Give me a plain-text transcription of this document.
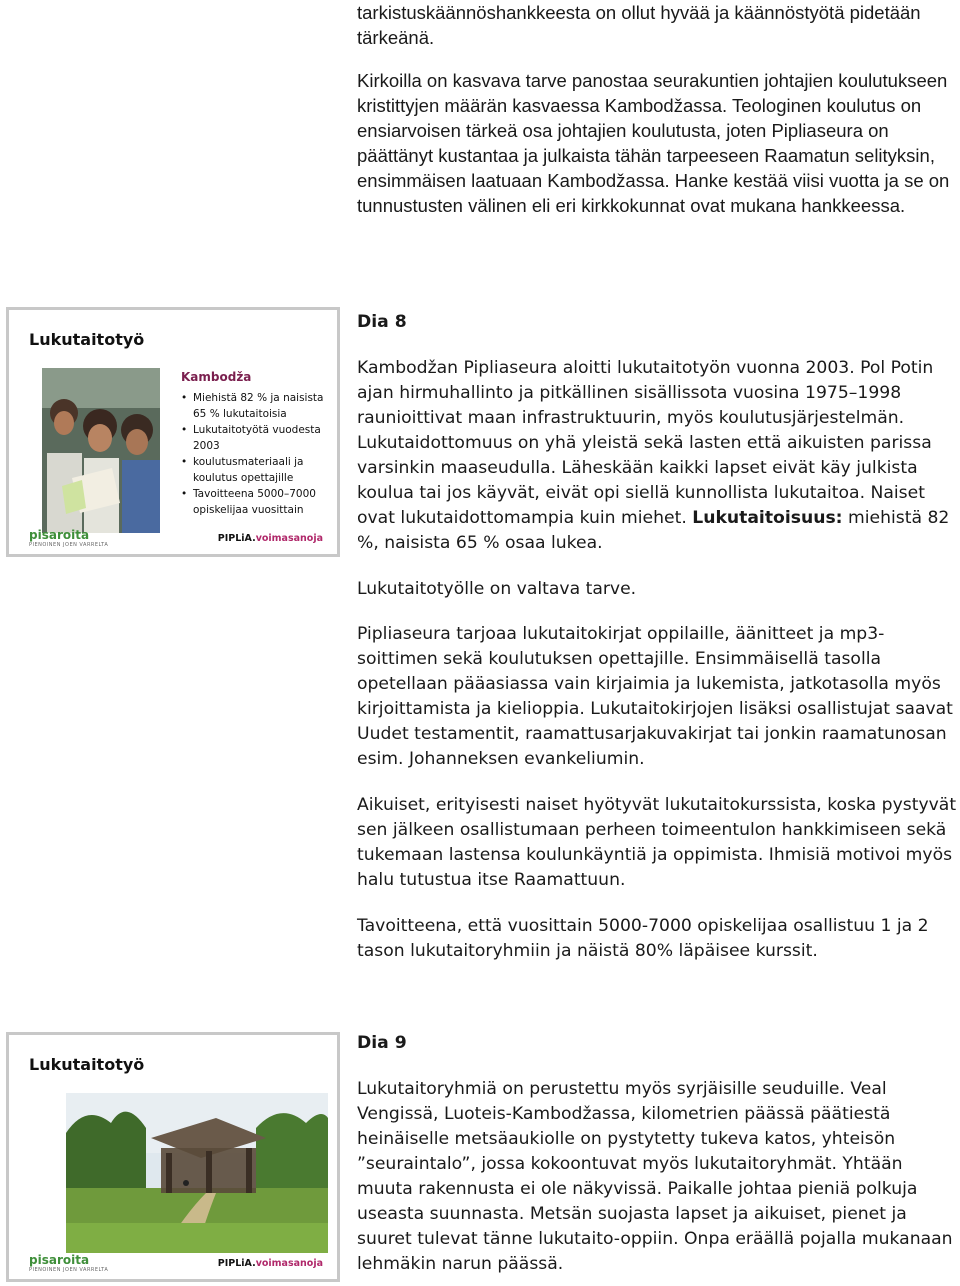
tarkistuskäännöshankkeesta on ollut hyvää ja käännöstyötä pidetään tärkeänä.

Kirkoilla on kasvava tarve panostaa seurakuntien johtajien koulutukseen kristittyjen määrän kasvaessa Kambodžassa. Teologinen koulutus on ensiarvoisen tärkeä osa johtajien koulutusta, joten Pipliaseura on päättänyt kustantaa ja julkaista tähän tarpeeseen Raamatun selityksin, ensimmäisen laatuaan Kambodžassa. Hanke kestää viisi vuotta ja se on tunnustusten välinen eli eri kirkkokunnat ovat mukana hankkeessa.

Lukutaitotyö
Kambodža
• Miehistä 82 % ja naisista 65 % lukutaitoisia
• Lukutaitotyötä vuodesta 2003
• koulutusmateriaali ja koulutus opettajille
• Tavoitteena 5000–7000 opiskelijaa vuosittain
pisaroita
PIENOINEN JOEN VARRELTA
PIPLiA.voimasanoja

Dia 8

Kambodžan Pipliaseura aloitti lukutaitotyön vuonna 2003. Pol Potin ajan hirmuhallinto ja pitkällinen sisällissota vuosina 1975–1998 raunioittivat maan infrastruktuurin, myös koulutusjärjestelmän. Lukutaidottomuus on yhä yleistä sekä lasten että aikuisten parissa varsinkin maaseudulla. Läheskään kaikki lapset eivät käy julkista koulua tai jos käyvät, eivät opi siellä kunnollista lukutaitoa. Naiset ovat lukutaidottomampia kuin miehet. Lukutaitoisuus: miehistä 82 %, naisista 65 % osaa lukea.

Lukutaitotyölle on valtava tarve.

Pipliaseura tarjoaa lukutaitokirjat oppilaille, äänitteet ja mp3-soittimen sekä koulutuksen opettajille. Ensimmäisellä tasolla opetellaan pääasiassa vain kirjaimia ja lukemista, jatkotasolla myös kirjoittamista ja kielioppia. Lukutaitokirjojen lisäksi osallistujat saavat Uudet testamentit, raamattusarjakuvakirjat tai jonkin raamatunosan esim. Johanneksen evankeliumin.

Aikuiset, erityisesti naiset hyötyvät lukutaitokurssista, koska pystyvät sen jälkeen osallistumaan perheen toimeentulon hankkimiseen sekä tukemaan lastensa koulunkäyntiä ja oppimista. Ihmisiä motivoi myös halu tutustua itse Raamattuun.

Tavoitteena, että vuosittain 5000-7000 opiskelijaa osallistuu 1 ja 2 tason lukutaitoryhmiin ja näistä 80% läpäisee kurssit.

Lukutaitotyö
pisaroita
PIENOINEN JOEN VARRELTA
PIPLiA.voimasanoja

Dia 9

Lukutaitoryhmiä on perustettu myös syrjäisille seuduille. Veal Vengissä, Luoteis-Kambodžassa, kilometrien päässä päätiestä heinäiselle metsäaukiolle on pystytetty tukeva katos, yhteisön ”seuraintalo”, jossa kokoontuvat myös lukutaitoryhmät. Yhtään muuta rakennusta ei ole näkyvissä. Paikalle johtaa pieniä polkuja useasta suunnasta. Metsän suojasta lapset ja aikuiset, pienet ja suuret tulevat tänne lukutaito-oppiin. Onpa eräällä pojalla mukanaan lehmäkin narun päässä.
